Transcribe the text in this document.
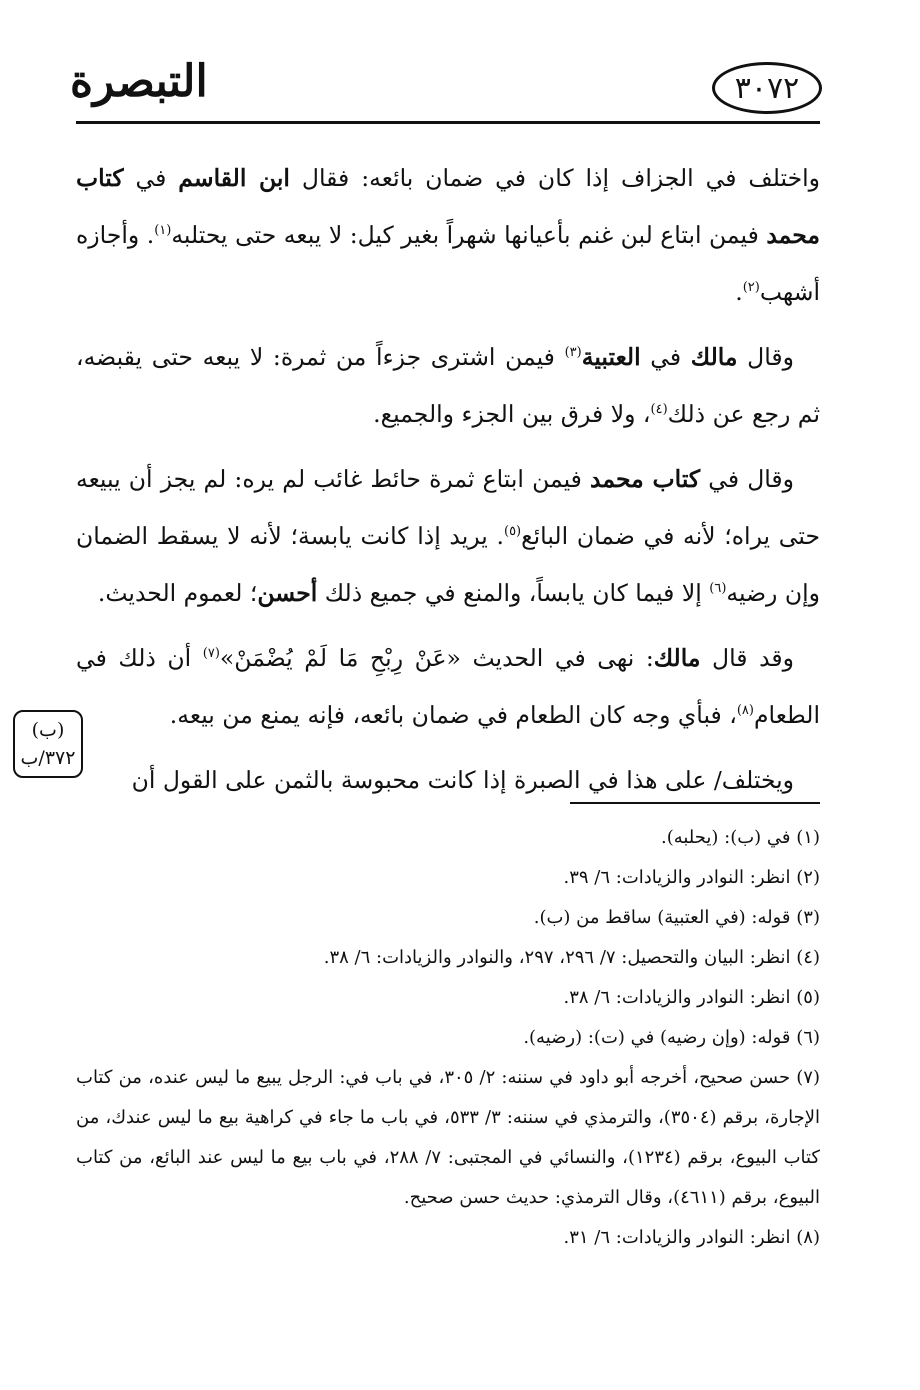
التبصرة	٣٠٧٢

واختلف في الجزاف إذا كان في ضمان بائعه: فقال ابن القاسم في كتاب محمد فيمن ابتاع لبن غنم بأعيانها شهراً بغير كيل: لا يبعه حتى يحتلبه$^{(١)}$. وأجازه أشهب$^{(٢)}$.

وقال مالك في العتبية$^{(٣)}$ فيمن اشترى جزءاً من ثمرة: لا يبعه حتى يقبضه، ثم رجع عن ذلك$^{(٤)}$، ولا فرق بين الجزء والجميع.

وقال في كتاب محمد فيمن ابتاع ثمرة حائط غائب لم يره: لم يجز أن يبيعه حتى يراه؛ لأنه في ضمان البائع$^{(٥)}$. يريد إذا كانت يابسة؛ لأنه لا يسقط الضمان وإن رضيه$^{(٦)}$ إلا فيما كان يابساً، والمنع في جميع ذلك أحسن؛ لعموم الحديث.

وقد قال مالك: نهى في الحديث «عَنْ رِبْحِ مَا لَمْ يُضْمَنْ»$^{(٧)}$ أن ذلك في الطعام$^{(٨)}$، فبأي وجه كان الطعام في ضمان بائعه، فإنه يمنع من بيعه.

ويختلف/ على هذا في الصبرة إذا كانت محبوسة بالثمن على القول أن

(ب)
٣٧٢/ب

(١) في (ب): (يحلبه).

(٢) انظر: النوادر والزيادات: ٦/ ٣٩.

(٣) قوله: (في العتبية) ساقط من (ب).

(٤) انظر: البيان والتحصيل: ٧/ ٢٩٦، ٢٩٧، والنوادر والزيادات: ٦/ ٣٨.

(٥) انظر: النوادر والزيادات: ٦/ ٣٨.

(٦) قوله: (وإن رضيه) في (ت): (رضيه).

(٧) حسن صحيح، أخرجه أبو داود في سننه: ٢/ ٣٠٥، في باب في: الرجل يبيع ما ليس عنده، من كتاب الإجارة، برقم (٣٥٠٤)، والترمذي في سننه: ٣/ ٥٣٣، في باب ما جاء في كراهية بيع ما ليس عندك، من كتاب البيوع، برقم (١٢٣٤)، والنسائي في المجتبى: ٧/ ٢٨٨، في باب بيع ما ليس عند البائع، من كتاب البيوع، برقم (٤٦١١)، وقال الترمذي: حديث حسن صحيح.

(٨) انظر: النوادر والزيادات: ٦/ ٣١.
